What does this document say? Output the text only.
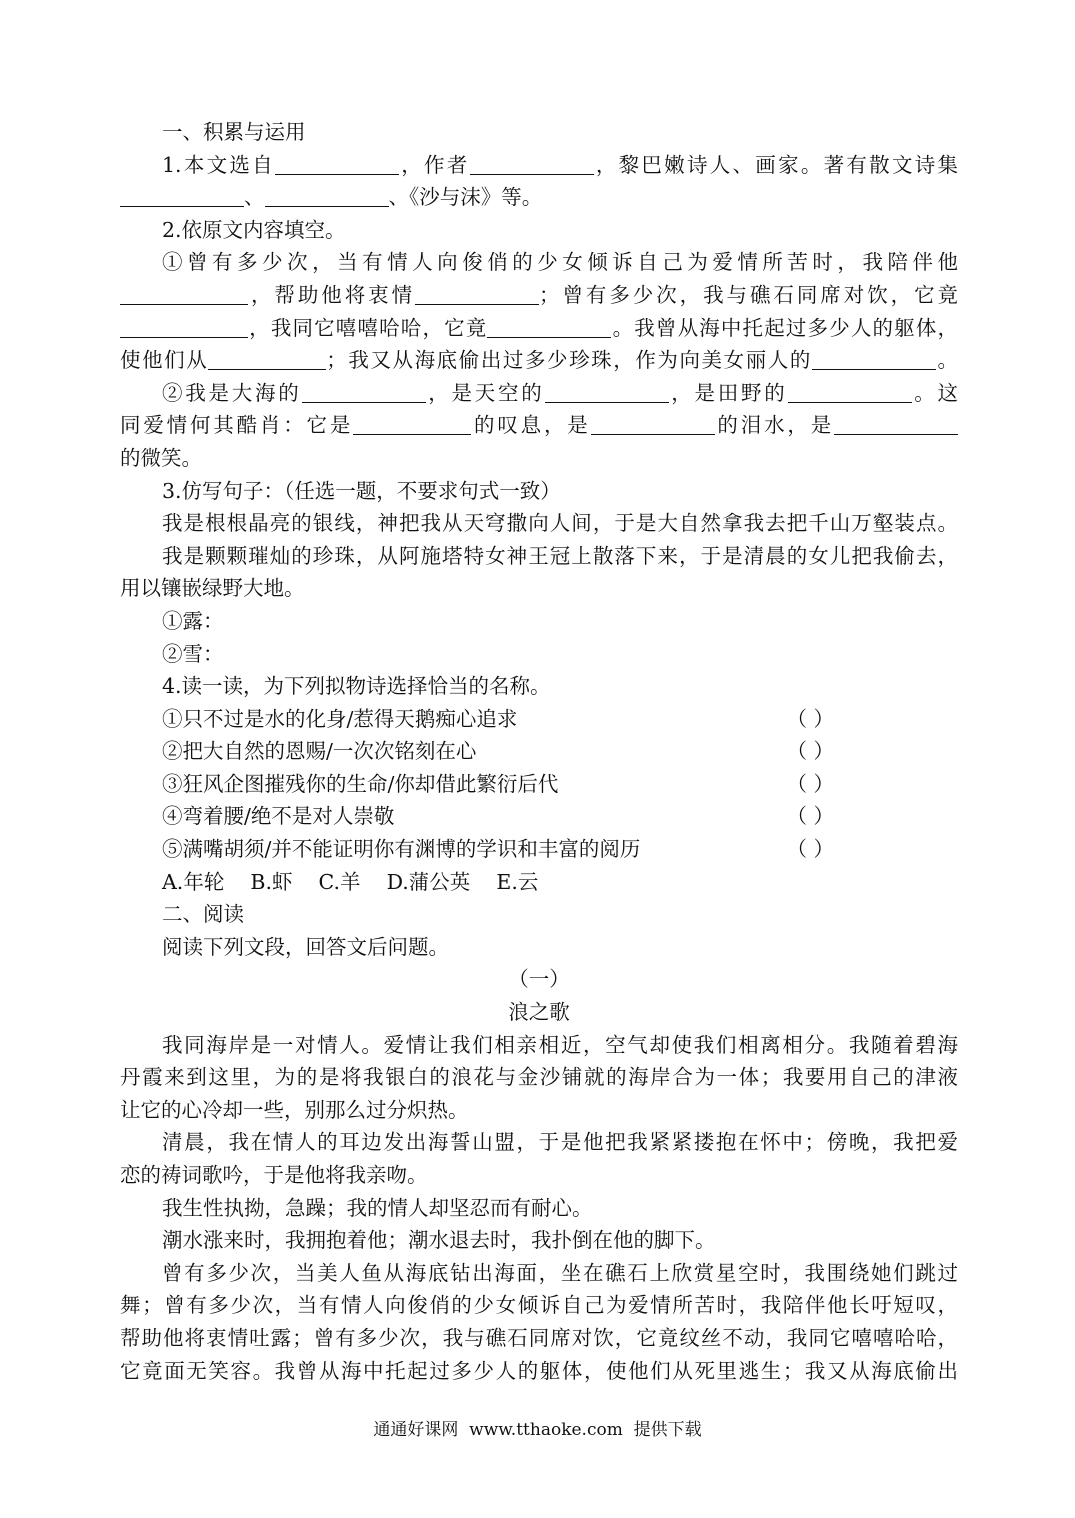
一、积累与运用
1.本文选自	，作者	，黎巴嫩诗人、画家。著有散文诗集
、	、《沙与沫》等。
2.依原文内容填空。
①曾有多少次，当有情人向俊俏的少女倾诉自己为爱情所苦时，我陪伴他
，帮助他将衷情	；曾有多少次，我与礁石同席对饮，它竟
，我同它嘻嘻哈哈，它竟	。我曾从海中托起过多少人的躯体，
使他们从	；我又从海底偷出过多少珍珠，作为向美女丽人的	。
②我是大海的	，是天空的	，是田野的	。这
同爱情何其酷肖：它是	的叹息，是	的泪水，是
的微笑。
3.仿写句子：（任选一题，不要求句式一致）
我是根根晶亮的银线，神把我从天穹撒向人间，于是大自然拿我去把千山万壑装点。
我是颗颗璀灿的珍珠，从阿施塔特女神王冠上散落下来，于是清晨的女儿把我偷去，
用以镶嵌绿野大地。
①露：
②雪：
4.读一读，为下列拟物诗选择恰当的名称。
①只不过是水的化身/惹得天鹅痴心追求	（ ）
②把大自然的恩赐/一次次铭刻在心	（ ）
③狂风企图摧残你的生命/你却借此繁衍后代	（ ）
④弯着腰/绝不是对人崇敬	（ ）
⑤满嘴胡须/并不能证明你有渊博的学识和丰富的阅历	（ ）
A.年轮    B.虾    C.羊    D.蒲公英    E.云
二、阅读
阅读下列文段，回答文后问题。
（一）
浪之歌
我同海岸是一对情人。爱情让我们相亲相近，空气却使我们相离相分。我随着碧海
丹霞来到这里，为的是将我银白的浪花与金沙铺就的海岸合为一体；我要用自己的津液
让它的心冷却一些，别那么过分炽热。
清晨，我在情人的耳边发出海誓山盟，于是他把我紧紧搂抱在怀中；傍晚，我把爱
恋的祷词歌吟，于是他将我亲吻。
我生性执拗，急躁；我的情人却坚忍而有耐心。
潮水涨来时，我拥抱着他；潮水退去时，我扑倒在他的脚下。
曾有多少次，当美人鱼从海底钻出海面，坐在礁石上欣赏星空时，我围绕她们跳过
舞；曾有多少次，当有情人向俊俏的少女倾诉自己为爱情所苦时，我陪伴他长吁短叹，
帮助他将衷情吐露；曾有多少次，我与礁石同席对饮，它竟纹丝不动，我同它嘻嘻哈哈，
它竟面无笑容。我曾从海中托起过多少人的躯体，使他们从死里逃生；我又从海底偷出
通通好课网  www.tthaoke.com  提供下载
